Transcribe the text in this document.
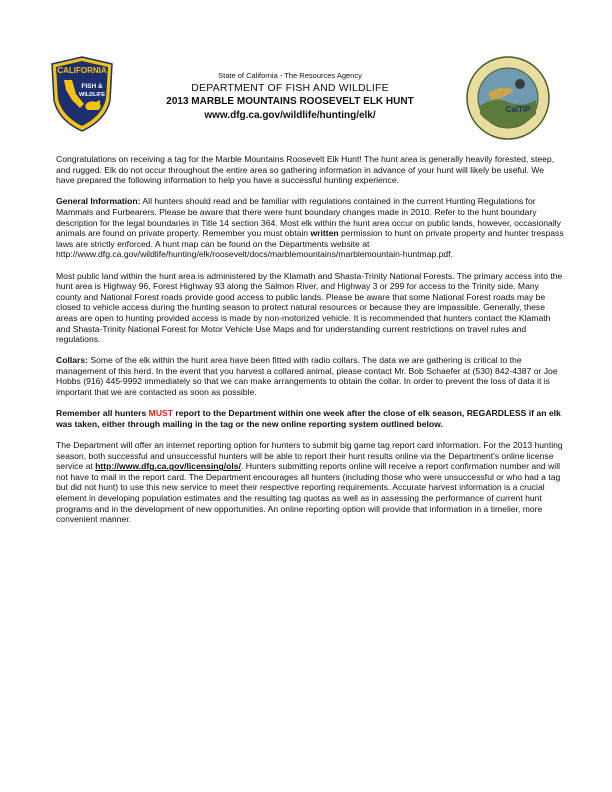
CALIFORNIA
FISH &
WILDLIFE
State of California - The Resources Agency
DEPARTMENT OF FISH AND WILDLIFE
2013 MARBLE MOUNTAINS ROOSEVELT ELK HUNT
www.dfg.ca.gov/wildlife/hunting/elk/
CalTIP

Congratulations on receiving a tag for the Marble Mountains Roosevelt Elk Hunt! The hunt area is generally heavily forested, steep, and rugged. Elk do not occur throughout the entire area so gathering information in advance of your hunt will likely be useful. We have prepared the following information to help you have a successful hunting experience.

General Information: All hunters should read and be familiar with regulations contained in the current Hunting Regulations for Mammals and Furbearers. Please be aware that there were hunt boundary changes made in 2010. Refer to the hunt boundary description for the legal boundaries in Title 14 section 364. Most elk within the hunt area occur on public lands, however, occasionally animals are found on private property. Remember you must obtain written permission to hunt on private property and hunter trespass laws are strictly enforced. A hunt map can be found on the Departments website at http://www.dfg.ca.gov/wildlife/hunting/elk/roosevelt/docs/marblemountains/marblemountain-huntmap.pdf.

Most public land within the hunt area is administered by the Klamath and Shasta-Trinity National Forests. The primary access into the hunt area is Highway 96, Forest Highway 93 along the Salmon River, and Highway 3 or 299 for access to the Trinity side. Many county and National Forest roads provide good access to public lands. Please be aware that some National Forest roads may be closed to vehicle access during the hunting season to protect natural resources or because they are impassible. Generally, these areas are open to hunting provided access is made by non-motorized vehicle. It is recommended that hunters contact the Klamath and Shasta-Trinity National Forest for Motor Vehicle Use Maps and for understanding current restrictions on travel rules and regulations.

Collars: Some of the elk within the hunt area have been fitted with radio collars. The data we are gathering is critical to the management of this herd. In the event that you harvest a collared animal, please contact Mr. Bob Schaefer at (530) 842-4387 or Joe Hobbs (916) 445-9992 immediately so that we can make arrangements to obtain the collar. In order to prevent the loss of data it is important that we are contacted as soon as possible.

Remember all hunters MUST report to the Department within one week after the close of elk season, REGARDLESS if an elk was taken, either through mailing in the tag or the new online reporting system outlined below.

The Department will offer an internet reporting option for hunters to submit big game tag report card information. For the 2013 hunting season, both successful and unsuccessful hunters will be able to report their hunt results online via the Department's online license service at http://www.dfg.ca.gov/licensing/ols/. Hunters submitting reports online will receive a report confirmation number and will not have to mail in the report card. The Department encourages all hunters (including those who were unsuccessful or who had a tag but did not hunt) to use this new service to meet their respective reporting requirements. Accurate harvest information is a crucial element in developing population estimates and the resulting tag quotas as well as in assessing the performance of current hunt programs and in the development of new opportunities. An online reporting option will provide that information in a timelier, more convenient manner.
